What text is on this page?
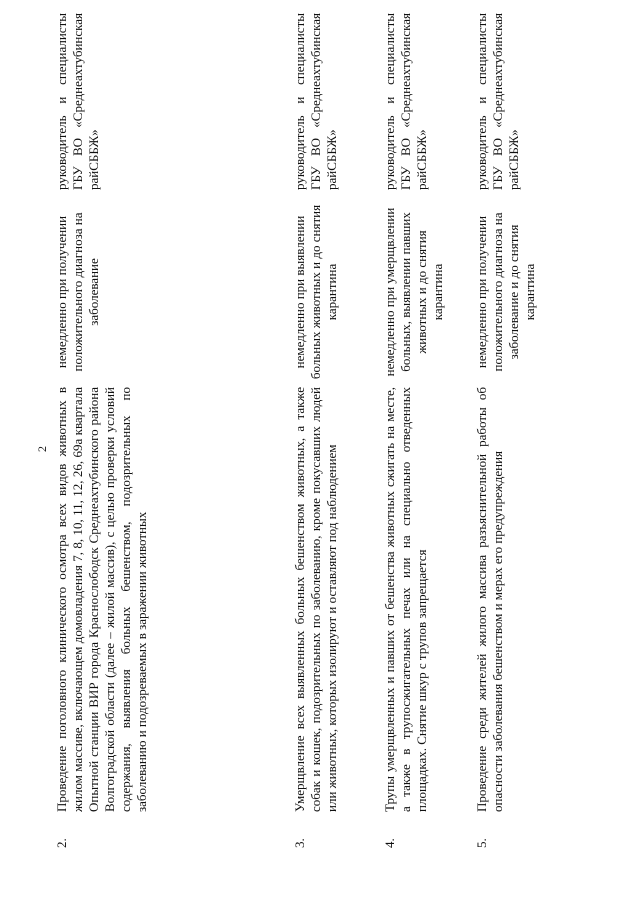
2
2.	Проведение поголовного клинического осмотра всех видов животных в жилом массиве, включающем домовладения 7, 8, 10, 11, 12, 26, 69а квартала Опытной станции ВИР города Краснослободск Среднеахтубинского района Волгоградской области (далее – жилой массив), с целью проверки условий содержания, выявления больных бешенством, подозрительных по заболеванию и подозреваемых в заражении животных	немедленно при получении положительного диагноза на заболевание	руководитель и специалисты ГБУ ВО «Среднеахтубинская райСББЖ»
3.	Умерщвление всех выявленных больных бешенством животных, а также собак и кошек, подозрительных по заболеванию, кроме покусавших людей или животных, которых изолируют и оставляют под наблюдением	немедленно при выявлении больных животных и до снятия карантина	руководитель и специалисты ГБУ ВО «Среднеахтубинская райСББЖ»
4.	Трупы умерщвленных и павших от бешенства животных сжигать на месте, а также в трупосжигательных печах или на специально отведенных площадках. Снятие шкур с трупов запрещается	немедленно при умерщвлении больных, выявлении павших животных и до снятия карантина	руководитель и специалисты ГБУ ВО «Среднеахтубинская райСББЖ»
5.	Проведение среди жителей жилого массива разъяснительной работы об опасности заболевания бешенством и мерах его предупреждения	немедленно при получении положительного диагноза на заболевание и до снятия карантина	руководитель и специалисты ГБУ ВО «Среднеахтубинская райСББЖ»
